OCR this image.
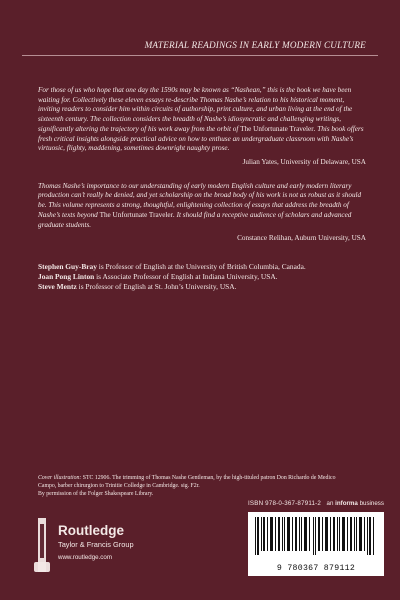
MATERIAL READINGS IN EARLY MODERN CULTURE

For those of us who hope that one day the 1590s may be known as “Nashean,” this is the book we have been waiting for. Collectively these eleven essays re-describe Thomas Nashe’s relation to his historical moment, inviting readers to consider him within circuits of authorship, print culture, and urban living at the end of the sixteenth century. The collection considers the breadth of Nashe’s idiosyncratic and challenging writings, significantly altering the trajectory of his work away from the orbit of The Unfortunate Traveler. This book offers fresh critical insights alongside practical advice on how to enthuse an undergraduate classroom with Nashe’s virtuosic, flighty, maddening, sometimes downright naughty prose.

Julian Yates, University of Delaware, USA

Thomas Nashe’s importance to our understanding of early modern English culture and early modern literary production can’t really be denied, and yet scholarship on the broad body of his work is not as robust as it should be. This volume represents a strong, thoughtful, enlightening collection of essays that address the breadth of Nashe’s texts beyond The Unfortunate Traveler. It should find a receptive audience of scholars and advanced graduate students.

Constance Relihan, Auburn University, USA

Stephen Guy-Bray is Professor of English at the University of British Columbia, Canada.

Joan Pong Linton is Associate Professor of English at Indiana University, USA.

Steve Mentz is Professor of English at St. John’s University, USA.

Cover illustration: STC 12906. The trimming of Thomas Nashe Gentleman, by the high-tituled patron Don Richardo de Medico Campo, barber chirurgion to Trinitie Colledge in Cambridge. sig. F2r.
By permission of the Folger Shakespeare Library.
Routledge
Taylor & Francis Group
www.routledge.com
ISBN 978-0-367-87911-2 an informa business
9 780367 879112
